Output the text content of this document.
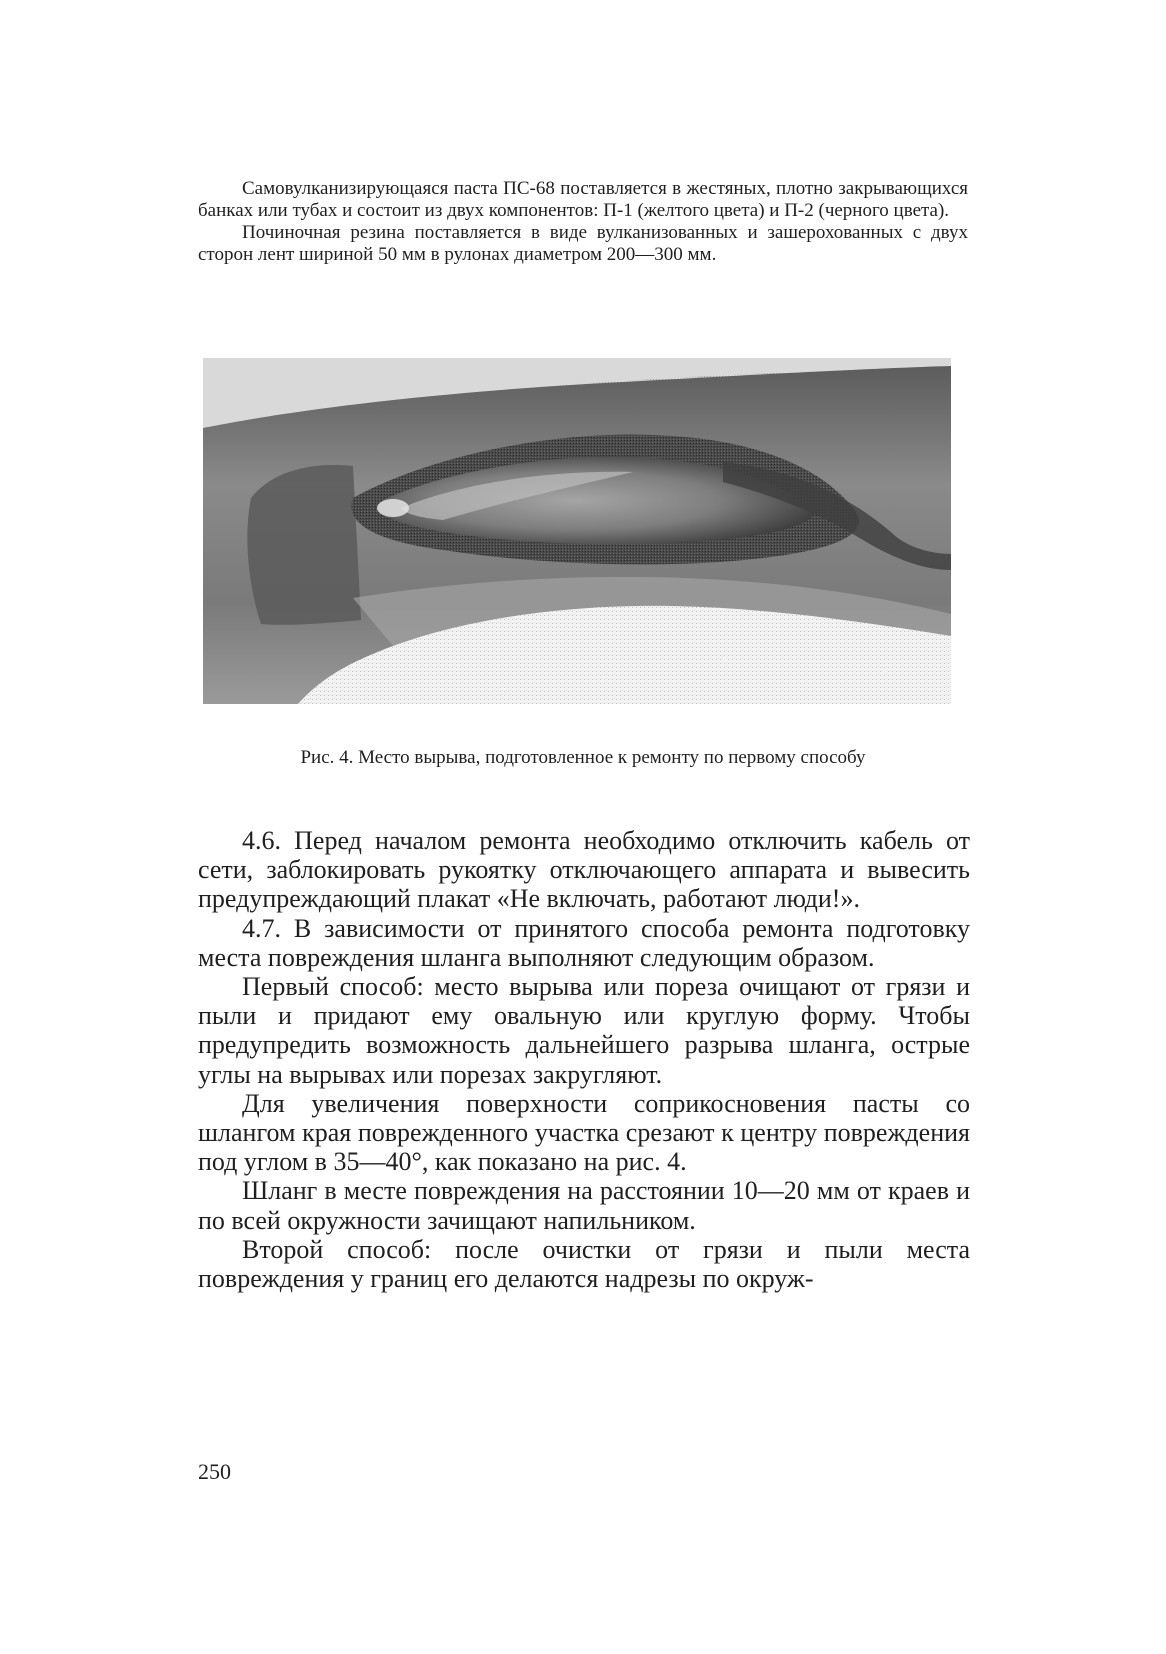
Самовулканизирующаяся паста ПС-68 поставляется в жестяных, плотно закрывающихся банках или тубах и состоит из двух компонентов: П-1 (желтого цвета) и П-2 (черного цвета).

Починочная резина поставляется в виде вулканизованных и зашерохованных с двух сторон лент шириной 50 мм в рулонах диаметром 200—300 мм.

Рис. 4. Место вырыва, подготовленное к ремонту по первому способу

4.6. Перед началом ремонта необходимо отключить кабель от сети, заблокировать рукоятку отключающего аппарата и вывесить предупреждающий плакат «Не включать, работают люди!».

4.7. В зависимости от принятого способа ремонта подготовку места повреждения шланга выполняют следующим образом.

Первый способ: место вырыва или пореза очищают от грязи и пыли и придают ему овальную или круглую форму. Чтобы предупредить возможность дальнейшего разрыва шланга, острые углы на вырывах или порезах закругляют.

Для увеличения поверхности соприкосновения пасты со шлангом края поврежденного участка срезают к центру повреждения под углом в 35—40°, как показано на рис. 4.

Шланг в месте повреждения на расстоянии 10—20 мм от краев и по всей окружности зачищают напильником.

Второй способ: после очистки от грязи и пыли места повреждения у границ его делаются надрезы по окруж-

250
